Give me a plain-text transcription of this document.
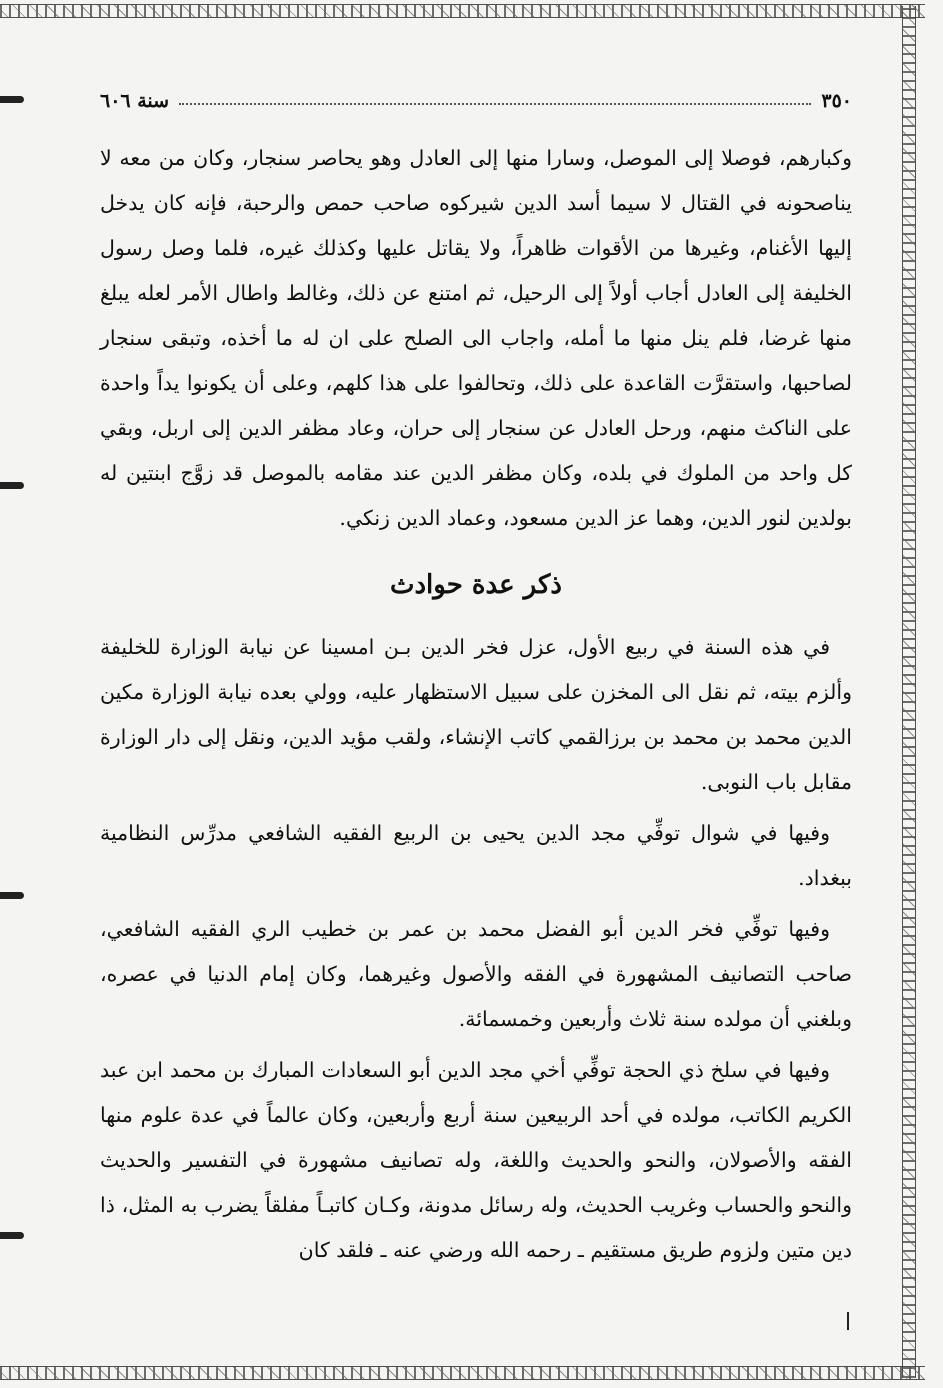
٣٥٠
سنة ٦٠٦

وكبارهم، فوصلا إلى الموصل، وسارا منها إلى العادل وهو يحاصر سنجار، وكان من معه لا يناصحونه في القتال لا سيما أسد الدين شيركوه صاحب حمص والرحبة، فإنه كان يدخل إليها الأغنام، وغيرها من الأقوات ظاهراً، ولا يقاتل عليها وكذلك غيره، فلما وصل رسول الخليفة إلى العادل أجاب أولاً إلى الرحيل، ثم امتنع عن ذلك، وغالط واطال الأمر لعله يبلغ منها غرضا، فلم ينل منها ما أمله، واجاب الى الصلح على ان له ما أخذه، وتبقى سنجار لصاحبها، واستقرَّت القاعدة على ذلك، وتحالفوا على هذا كلهم، وعلى أن يكونوا يداً واحدة على الناكث منهم، ورحل العادل عن سنجار إلى حران، وعاد مظفر الدين إلى اربل، وبقي كل واحد من الملوك في بلده، وكان مظفر الدين عند مقامه بالموصل قد زوَّج ابنتين له بولدين لنور الدين، وهما عز الدين مسعود، وعماد الدين زنكي.

ذكر عدة حوادث

في هذه السنة في ربيع الأول، عزل فخر الدين بـن امسينا عن نيابة الوزارة للخليفة وألزم بيته، ثم نقل الى المخزن على سبيل الاستظهار عليه، وولي بعده نيابة الوزارة مكين الدين محمد بن محمد بن برزالقمي كاتب الإنشاء، ولقب مؤيد الدين، ونقل إلى دار الوزارة مقابل باب النوبى.

وفيها في شوال توفِّي مجد الدين يحيى بن الربيع الفقيه الشافعي مدرِّس النظامية ببغداد.

وفيها توفِّي فخر الدين أبو الفضل محمد بن عمر بن خطيب الري الفقيه الشافعي، صاحب التصانيف المشهورة في الفقه والأصول وغيرهما، وكان إمام الدنيا في عصره، وبلغني أن مولده سنة ثلاث وأربعين وخمسمائة.

وفيها في سلخ ذي الحجة توفِّي أخي مجد الدين أبو السعادات المبارك بن محمد ابن عبد الكريم الكاتب، مولده في أحد الربيعين سنة أربع وأربعين، وكان عالماً في عدة علوم منها الفقه والأصولان، والنحو والحديث واللغة، وله تصانيف مشهورة في التفسير والحديث والنحو والحساب وغريب الحديث، وله رسائل مدونة، وكـان كاتبـاً مفلقاً يضرب به المثل، ذا دين متين ولزوم طريق مستقيم ـ رحمه الله ورضي عنه ـ فلقد كان
